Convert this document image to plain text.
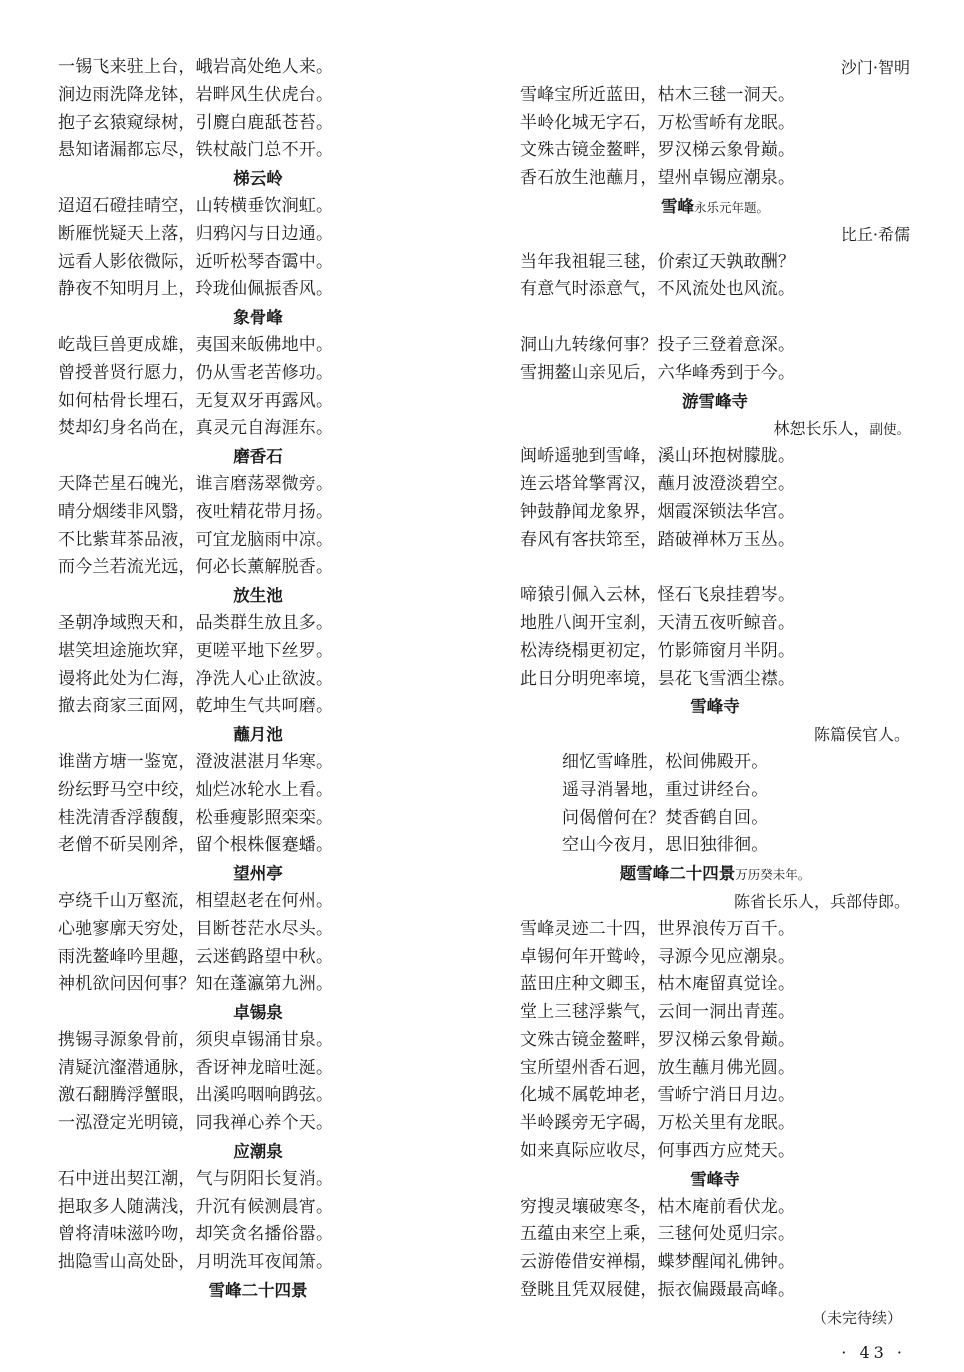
一锡飞来驻上台，峨岩高处绝人来。
涧边雨洗降龙钵，岩畔风生伏虎台。
抱子玄猿窥绿树，引麑白鹿舐苍苔。
悬知诸漏都忘尽，铁杖敲门总不开。
梯云岭
迢迢石磴挂晴空，山转横垂饮涧虹。
断雁恍疑天上落，归鸦闪与日边通。
远看人影依微际，近听松琴杳霭中。
静夜不知明月上，玲珑仙佩振香风。
象骨峰
屹哉巨兽更成雄，夷国来皈佛地中。
曾授普贤行愿力，仍从雪老苦修功。
如何枯骨长埋石，无复双牙再露风。
焚却幻身名尚在，真灵元自海涯东。
磨香石
天降芒星石魄光，谁言磨荡翠微旁。
晴分烟缕非风翳，夜吐精花带月扬。
不比紫茸茶品液，可宜龙脑雨中凉。
而今兰若流光远，何必长薰解脱香。
放生池
圣朝净域煦天和，品类群生放且多。
堪笑坦途施坎穽，更嗟平地下丝罗。
谩将此处为仁海，净洗人心止欲波。
撤去商家三面网，乾坤生气共呵磨。
蘸月池
谁凿方塘一鉴宽，澄波湛湛月华寒。
纷纭野马空中绞，灿烂冰轮水上看。
桂洗清香浮馥馥，松垂瘦影照栾栾。
老僧不斫吴刚斧，留个根株偃蹇蟠。
望州亭
亭绕千山万壑流，相望赵老在何州。
心驰寥廓天穷处，目断苍茫水尽头。
雨洗鳌峰吟里趣，云迷鹤路望中秋。
神机欲问因何事？知在蓬瀛第九洲。
卓锡泉
携锡寻源象骨前，须臾卓锡涌甘泉。
清疑沆瀣潜通脉，香讶神龙暗吐涎。
激石翻腾浮蟹眼，出溪呜咽响鹍弦。
一泓澄定光明镜，同我禅心养个天。
应潮泉
石中迸出契江潮，气与阴阳长复消。
挹取多人随满浅，升沉有候测晨宵。
曾将清味滋吟吻，却笑贪名播俗嚣。
拙隐雪山高处卧，月明洗耳夜闻箫。
雪峰二十四景
沙门·智明
雪峰宝所近蓝田，枯木三毬一洞天。
半岭化城无字石，万松雪峤有龙眠。
文殊古镜金鳌畔，罗汉梯云象骨巅。
香石放生池蘸月，望州卓锡应潮泉。
雪峰永乐元年题。
比丘·希儒
当年我祖辊三毬，价索辽天孰敢酬？
有意气时添意气，不风流处也风流。
洞山九转缘何事？投子三登着意深。
雪拥鳌山亲见后，六华峰秀到于今。
游雪峰寺
林恕长乐人，副使。
闽峤遥驰到雪峰，溪山环抱树朦胧。
连云塔耸擎霄汉，蘸月波澄淡碧空。
钟鼓静闻龙象界，烟霞深锁法华宫。
春风有客扶筇至，踏破禅林万玉丛。
啼猿引佩入云林，怪石飞泉挂碧岑。
地胜八闽开宝刹，天清五夜听鲸音。
松涛绕榻更初定，竹影筛窗月半阴。
此日分明兜率境，昙花飞雪洒尘襟。
雪峰寺
陈篇侯官人。
细忆雪峰胜，松间佛殿开。
遥寻消暑地，重过讲经台。
问偈僧何在？焚香鹤自回。
空山今夜月，思旧独徘徊。
题雪峰二十四景万历癸未年。
陈省长乐人，兵部侍郎。
雪峰灵迹二十四，世界浪传万百千。
卓锡何年开鹫岭，寻源今见应潮泉。
蓝田庄种文卿玉，枯木庵留真觉诠。
堂上三毬浮紫气，云间一洞出青莲。
文殊古镜金鳌畔，罗汉梯云象骨巅。
宝所望州香石迥，放生蘸月佛光圆。
化城不属乾坤老，雪峤宁消日月边。
半岭蹊旁无字碣，万松关里有龙眠。
如来真际应收尽，何事西方应梵天。
雪峰寺
穷搜灵壤破寒冬，枯木庵前看伏龙。
五蕴由来空上乘，三毬何处觅归宗。
云游倦借安禅榻，蝶梦醒闻礼佛钟。
登眺且凭双屐健，振衣偏蹑最高峰。
（未完待续）
· 43 ·
